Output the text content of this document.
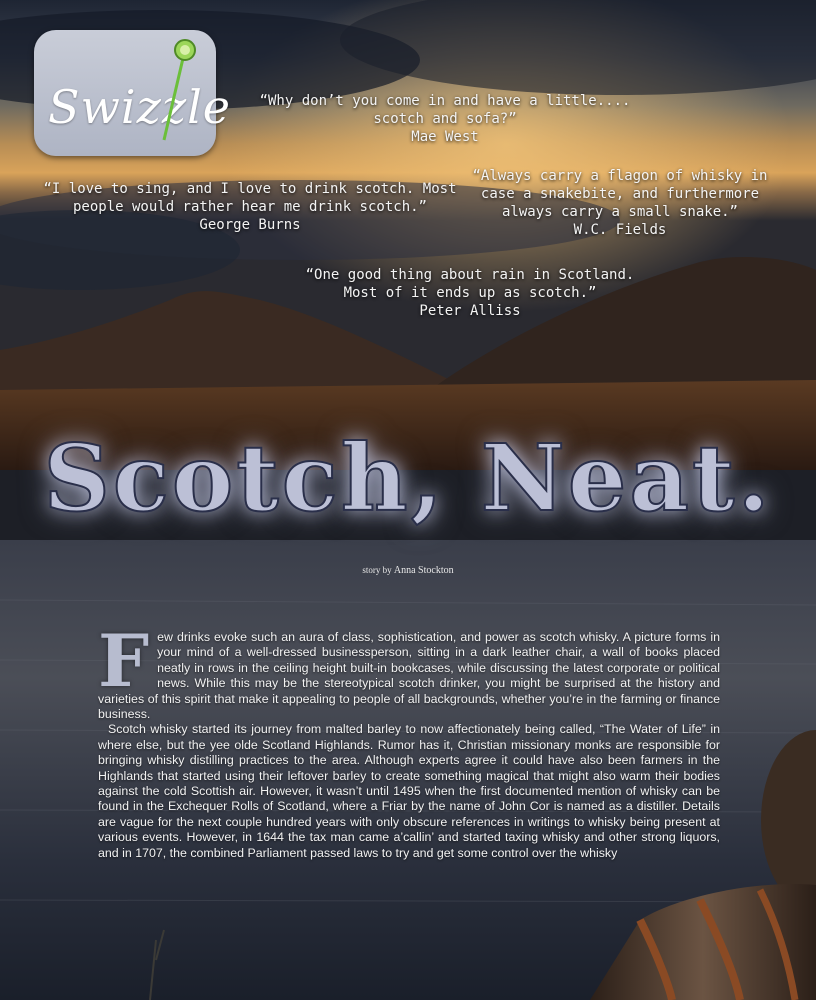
Swizzle	“Why don’t you come in and have a little....
scotch and sofa?”
Mae West
“I love to sing, and I love to drink scotch. Most
people would rather hear me drink scotch.”
George Burns
“Always carry a flagon of whisky in
case a snakebite, and furthermore
always carry a small snake.”
W.C. Fields
“One good thing about rain in Scotland.
Most of it ends up as scotch.”
Peter Alliss
Scotch, Neat.
story by Anna Stockton

Few drinks evoke such an aura of class, sophistication, and power as scotch whisky. A picture forms in your mind of a well-dressed businessperson, sitting in a dark leather chair, a wall of books placed neatly in rows in the ceiling height built-in bookcases, while discussing the latest corporate or political news. While this may be the stereotypical scotch drinker, you might be surprised at the history and varieties of this spirit that make it appealing to people of all backgrounds, whether you’re in the farming or finance business.

Scotch whisky started its journey from malted barley to now affectionately being called, “The Water of Life” in where else, but the yee olde Scotland Highlands. Rumor has it, Christian missionary monks are responsible for bringing whisky distilling practices to the area. Although experts agree it could have also been farmers in the Highlands that started using their leftover barley to create something magical that might also warm their bodies against the cold Scottish air. However, it wasn’t until 1495 when the first documented mention of whisky can be found in the Exchequer Rolls of Scotland, where a Friar by the name of John Cor is named as a distiller. Details are vague for the next couple hundred years with only obscure references in writings to whisky being present at various events. However, in 1644 the tax man came a’callin’ and started taxing whisky and other strong liquors, and in 1707, the combined Parliament passed laws to try and get some control over the whisky
